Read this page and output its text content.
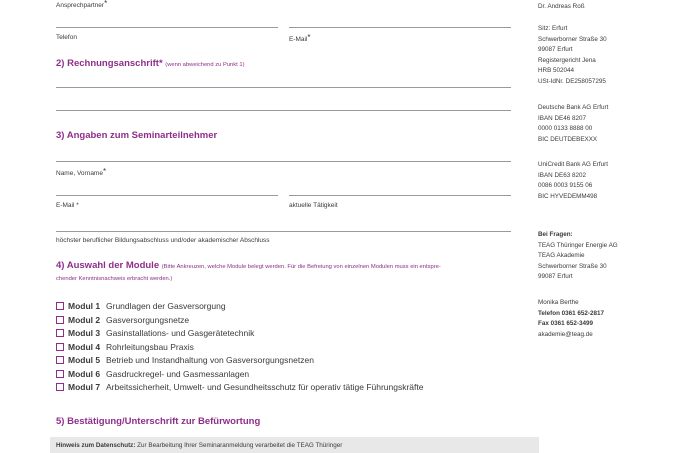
Ansprechpartner*
Telefon	E-Mail*
2) Rechnungsanschrift* (wenn abweichend zu Punkt 1)
3) Angaben zum Seminarteilnehmer
Name, Vorname*
E-Mail *	aktuelle Tätigkeit
höchster beruflicher Bildungsabschluss und/oder akademischer Abschluss
4) Auswahl der Module (Bitte Ankreuzen, welche Module belegt werden. Für die Befreiung von einzelnen Modulen muss ein entspre-
chender Kenntnisnachweis erbracht werden.)
Modul 1 Grundlagen der Gasversorgung
Modul 2 Gasversorgungsnetze
Modul 3 Gasinstallations- und Gasgerätetechnik
Modul 4 Rohrleitungsbau Praxis
Modul 5 Betrieb und Instandhaltung von Gasversorgungsnetzen
Modul 6 Gasdruckregel- und Gasmessanlagen
Modul 7 Arbeitssicherheit, Umwelt- und Gesundheitsschutz für operativ tätige Führungskräfte
5) Bestätigung/Unterschrift zur Befürwortung
Hinweis zum Datenschutz: Zur Bearbeitung Ihrer Seminaranmeldung verarbeitet die TEAG Thüringer
Dr. Andreas Roß
Sitz: Erfurt
Schwerborner Straße 30
99087 Erfurt
Registergericht Jena
HRB 502044
USt-IdNr. DE258057295
Deutsche Bank AG Erfurt
IBAN DE46 8207
0000 0133 8888 00
BIC DEUTDEBEXXX
UniCredit Bank AG Erfurt
IBAN DE63 8202
0086 0003 9155 06
BIC HYVEDEMM498
Bei Fragen:
TEAG Thüringer Energie AG
TEAG Akademie
Schwerborner Straße 30
99087 Erfurt
Monika Berthe
Telefon 0361 652-2817
Fax 0361 652-3499
akademie@teag.de
